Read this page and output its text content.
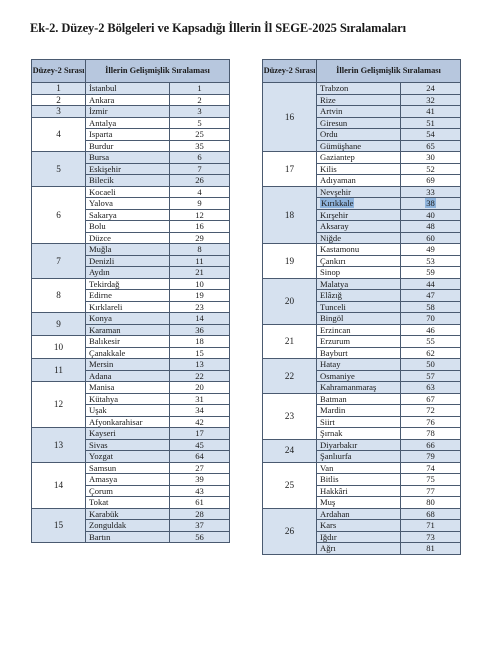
Ek-2. Düzey-2 Bölgeleri ve Kapsadığı İllerin İl SEGE-2025 Sıralamaları
Düzey-2 Sırası	İllerin Gelişmişlik Sıralaması	
1	İstanbul	1
2	Ankara	2
3	İzmir	3
4	Antalya	5
	Isparta	25
	Burdur	35
5	Bursa	6
	Eskişehir	7
	Bilecik	26
6	Kocaeli	4
	Yalova	9
	Sakarya	12
	Bolu	16
	Düzce	29
7	Muğla	8
	Denizli	11
	Aydın	21
8	Tekirdağ	10
	Edirne	19
	Kırklareli	23
9	Konya	14
	Karaman	36
10	Balıkesir	18
	Çanakkale	15
11	Mersin	13
	Adana	22
12	Manisa	20
	Kütahya	31
	Uşak	34
	Afyonkarahisar	42
13	Kayseri	17
	Sivas	45
	Yozgat	64
14	Samsun	27
	Amasya	39
	Çorum	43
	Tokat	61
15	Karabük	28
	Zonguldak	37
	Bartın	56
Düzey-2 Sırası	İllerin Gelişmişlik Sıralaması	
16	Trabzon	24
	Rize	32
	Artvin	41
	Giresun	51
	Ordu	54
	Gümüşhane	65
17	Gaziantep	30
	Kilis	52
	Adıyaman	69
18	Nevşehir	33
	Kırıkkale	38
	Kırşehir	40
	Aksaray	48
	Niğde	60
19	Kastamonu	49
	Çankırı	53
	Sinop	59
20	Malatya	44
	Elâzığ	47
	Tunceli	58
	Bingöl	70
21	Erzincan	46
	Erzurum	55
	Bayburt	62
22	Hatay	50
	Osmaniye	57
	Kahramanmaraş	63
23	Batman	67
	Mardin	72
	Siirt	76
	Şırnak	78
24	Diyarbakır	66
	Şanlıurfa	79
25	Van	74
	Bitlis	75
	Hakkâri	77
	Muş	80
26	Ardahan	68
	Kars	71
	Iğdır	73
	Ağrı	81
